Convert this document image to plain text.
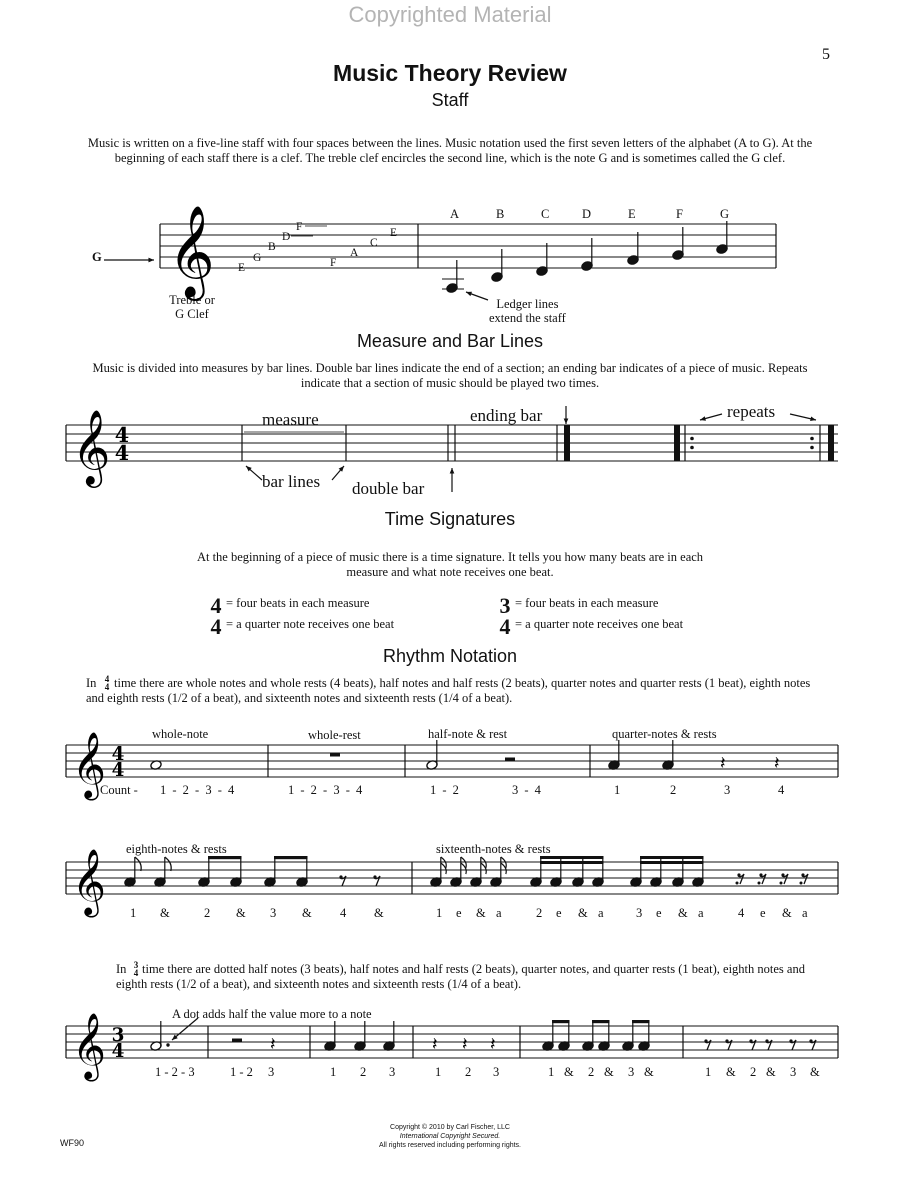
Copyrighted Material
5
Music Theory Review
Staff
Music is written on a five-line staff with four spaces between the lines. Music notation used the first seven letters of the alphabet (A to G). At the beginning of each staff there is a clef. The treble clef encircles the second line, which is the note G and is sometimes called the G clef.
G
Treble or
G Clef
E
G
B
D
F
F
A
C
E
A	B	C	D	E	F	G
Ledger lines
extend the staff
Measure and Bar Lines
Music is divided into measures by bar lines. Double bar lines indicate the end of a section; an ending bar indicates of a piece of music. Repeats indicate that a section of music should be played two times.
measure
bar lines double bar
ending bar	repeats
Time Signatures
At the beginning of a piece of music there is a time signature. It tells you how many beats are in each measure and what note receives one beat.
4
4
= four beats in each measure
= a quarter note receives one beat
3
4
= four beats in each measure
= a quarter note receives one beat
Rhythm Notation
In 4
4 time there are whole notes and whole rests (4 beats), half notes and half rests (2 beats), quarter notes and quarter rests (1 beat), eighth notes and eighth rests (1/2 of a beat), and sixteenth notes and sixteenth rests (1/4 of a beat).
whole-note	whole-rest	half-note & rest	quarter-notes & rests
Count - 1 - 2 - 3 - 4	1 - 2 - 3 - 4	1 - 2	3 - 4	1	2	3	4
eighth-notes & rests	sixteenth-notes & rests
1 &	2 & 3 & 4 &	1 e & a	2 e & a	3 e & a	4 e & a
In 3
4 time there are dotted half notes (3 beats), half notes and half rests (2 beats), quarter notes, and quarter rests (1 beat), eighth notes and eighth rests (1/2 of a beat), and sixteenth notes and sixteenth rests (1/4 of a beat).
A dot adds half the value more to a note
1 - 2 - 3	1 - 2 3	1 2 3	1 2 3	1 & 2 & 3 &	1 & 2 & 3 &
Copyright © 2010 by Carl Fischer, LLC
International Copyright Secured.
All rights reserved including performing rights.
WF90
𝄞
𝄞 4
4
𝄞 4
4	𝄽	𝄽
𝄞
𝄞 3
4	𝄽	𝄽 𝄽 𝄽
